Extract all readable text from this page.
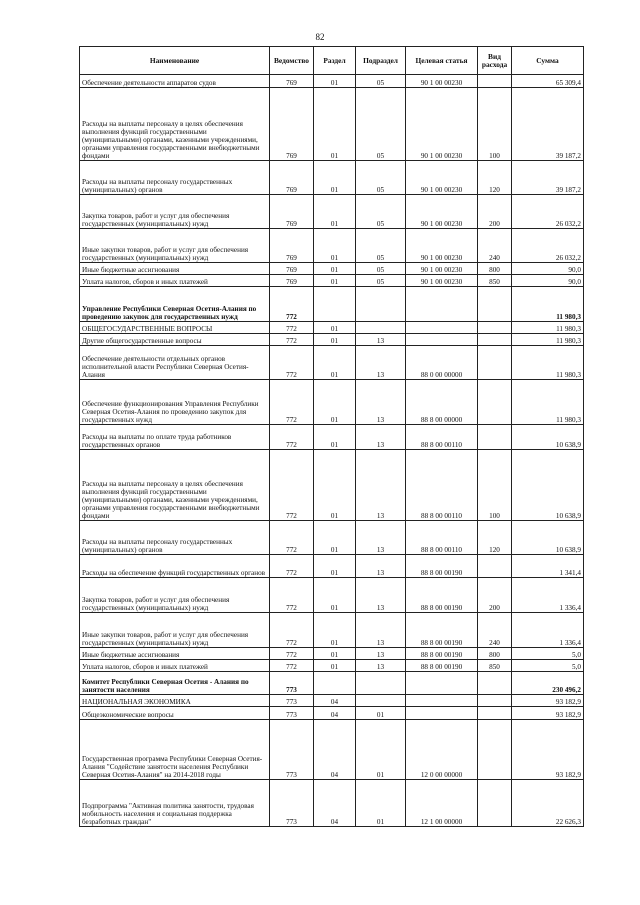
82
Наименование	Ведомство	Раздел	Подраздел	Целевая статья	Вид расхода	Сумма
Обеспечение деятельности аппаратов судов	769	01	05	90 1 00 00230		65 309,4
Расходы на выплаты персоналу в целях обеспечения выполнения функций государственными (муниципальными) органами, казенными учреждениями, органами управления государственными внебюджетными фондами	769	01	05	90 1 00 00230	100	39 187,2
Расходы на выплаты персоналу государственных (муниципальных) органов	769	01	05	90 1 00 00230	120	39 187,2
Закупка товаров, работ и услуг для обеспечения государственных (муниципальных) нужд	769	01	05	90 1 00 00230	200	26 032,2
Иные закупки товаров, работ и услуг для обеспечения государственных (муниципальных) нужд	769	01	05	90 1 00 00230	240	26 032,2
Иные бюджетные ассигнования	769	01	05	90 1 00 00230	800	90,0
Уплата налогов, сборов и иных платежей	769	01	05	90 1 00 00230	850	90,0
Управление Республики Северная Осетия-Алания по проведению закупок для государственных нужд	772					11 980,3
ОБЩЕГОСУДАРСТВЕННЫЕ ВОПРОСЫ	772	01				11 980,3
Другие общегосударственные вопросы	772	01	13			11 980,3
Обеспечение деятельности отдельных органов исполнительной власти Республики Северная Осетия-Алания	772	01	13	88 0 00 00000		11 980,3
Обеспечение функционирования Управления Республики Северная Осетия-Алания по проведению закупок для государственных нужд	772	01	13	88 8 00 00000		11 980,3
Расходы на выплаты по оплате труда работников государственных органов	772	01	13	88 8 00 00110		10 638,9
Расходы на выплаты персоналу в целях обеспечения выполнения функций государственными (муниципальными) органами, казенными учреждениями, органами управления государственными внебюджетными фондами	772	01	13	88 8 00 00110	100	10 638,9
Расходы на выплаты персоналу государственных (муниципальных) органов	772	01	13	88 8 00 00110	120	10 638,9
Расходы на обеспечение функций государственных органов	772	01	13	88 8 00 00190		1 341,4
Закупка товаров, работ и услуг для обеспечения государственных (муниципальных) нужд	772	01	13	88 8 00 00190	200	1 336,4
Иные закупки товаров, работ и услуг для обеспечения государственных (муниципальных) нужд	772	01	13	88 8 00 00190	240	1 336,4
Иные бюджетные ассигнования	772	01	13	88 8 00 00190	800	5,0
Уплата налогов, сборов и иных платежей	772	01	13	88 8 00 00190	850	5,0
Комитет Республики Северная Осетия - Алания по занятости населения	773					230 496,2
НАЦИОНАЛЬНАЯ ЭКОНОМИКА	773	04				93 182,9
Общеэкономические вопросы	773	04	01			93 182,9
Государственная программа Республики Северная Осетия-Алания "Содействие занятости населения Республики Северная Осетия-Алания" на 2014-2018 годы	773	04	01	12 0 00 00000		93 182,9
Подпрограмма "Активная политика занятости, трудовая мобильность населения и социальная поддержка безработных граждан"	773	04	01	12 1 00 00000		22 626,3
